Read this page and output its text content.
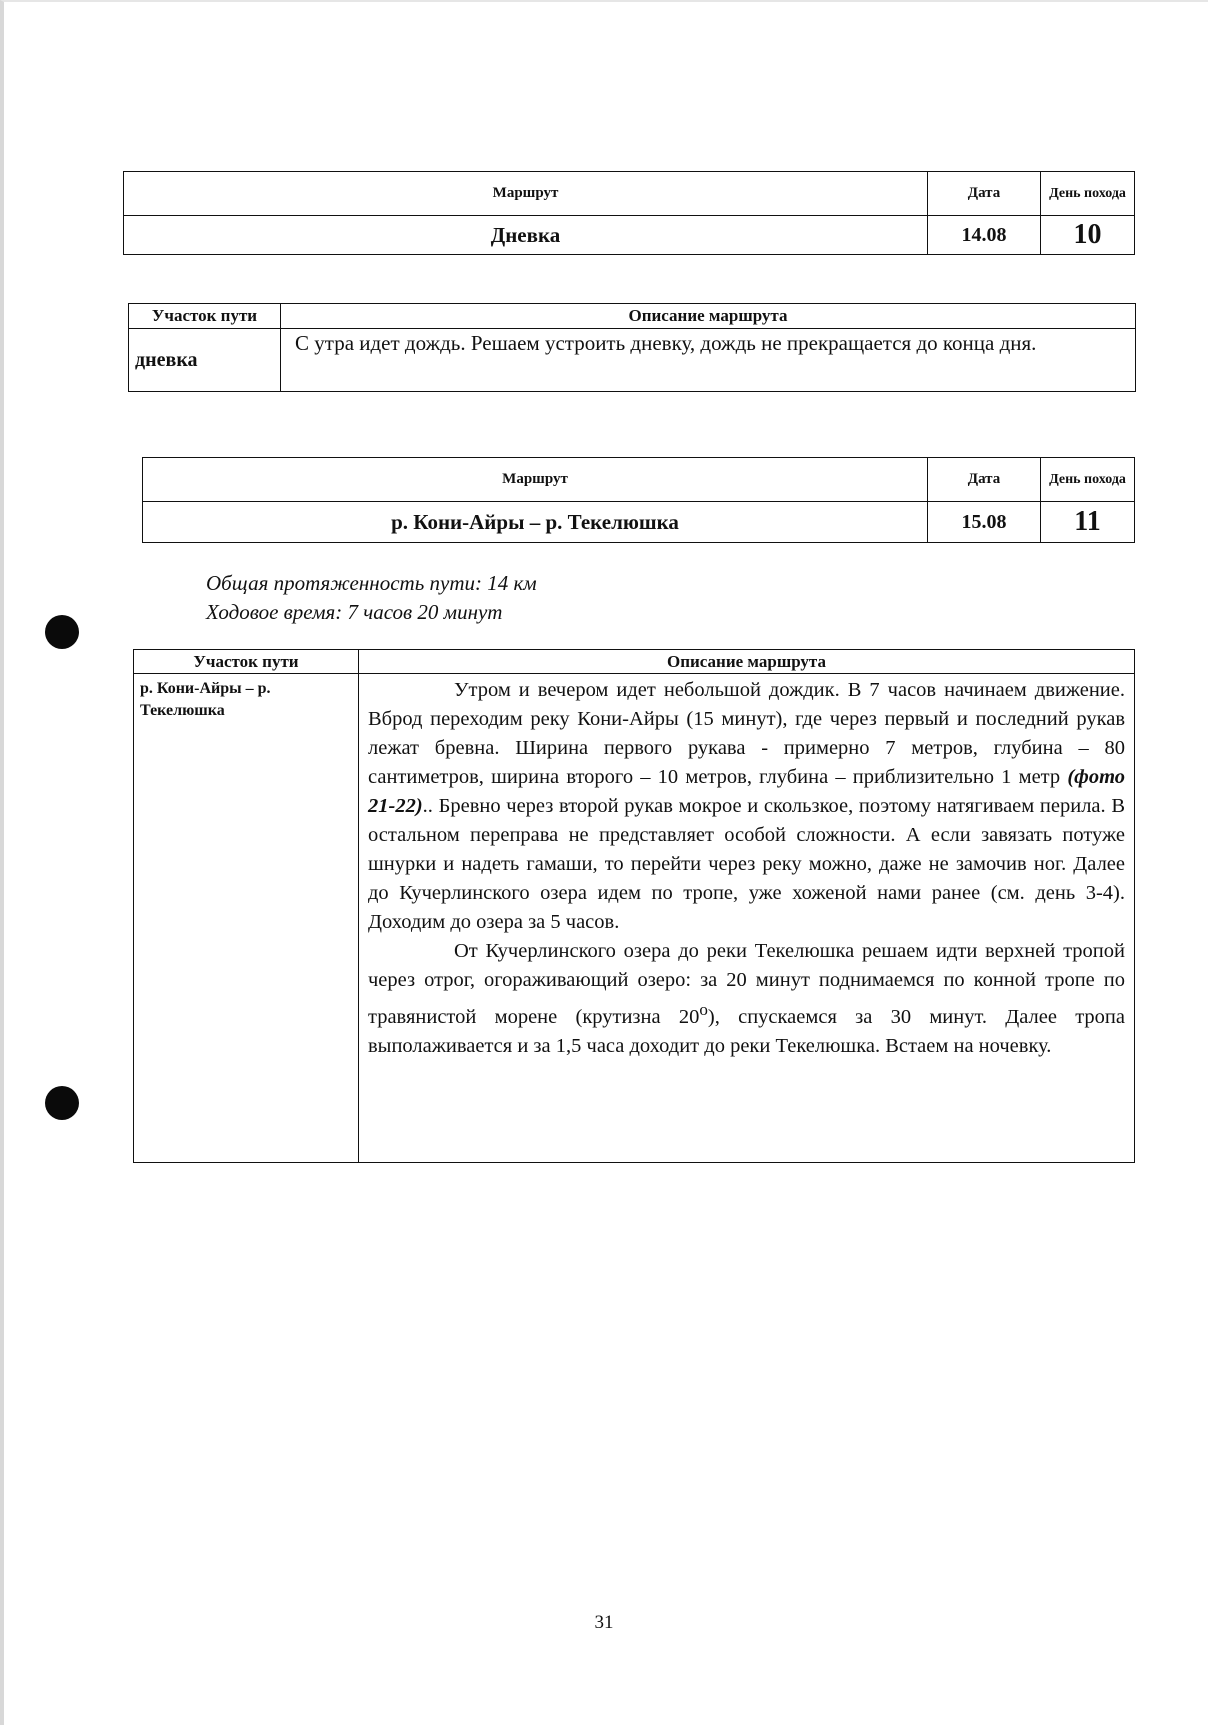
Маршрут	Дата	День похода
Дневка	14.08	10
Участок пути	Описание маршрута
дневка	С утра идет дождь. Решаем устроить дневку, дождь не прекращается до конца дня.
Маршрут	Дата	День похода
р. Кони-Айры – р. Текелюшка	15.08	11
Общая протяженность пути: 14 км
Ходовое время: 7 часов 20 минут
Участок пути	Описание маршрута
р. Кони-Айры – р. Текелюшка	Утром и вечером идет небольшой дождик. В 7 часов начинаем движение. Вброд переходим реку Кони-Айры (15 минут), где через первый и последний рукав лежат бревна. Ширина первого рукава - примерно 7 метров, глубина – 80 сантиметров, ширина второго – 10 метров, глубина – приблизительно 1 метр (фото 21-22).. Бревно через второй рукав мокрое и скользкое, поэтому натягиваем перила. В остальном переправа не представляет особой сложности. А если завязать потуже шнурки и надеть гамаши, то перейти через реку можно, даже не замочив ног. Далее до Кучерлинского озера идем по тропе, уже хоженой нами ранее (см. день 3-4). Доходим до озера за 5 часов.

От Кучерлинского озера до реки Текелюшка решаем идти верхней тропой через отрог, огораживающий озеро: за 20 минут поднимаемся по конной тропе по травянистой морене (крутизна $20^о$), спускаемся за 30 минут. Далее тропа выполаживается и за 1,5 часа доходит до реки Текелюшка. Встаем на ночевку.

31
